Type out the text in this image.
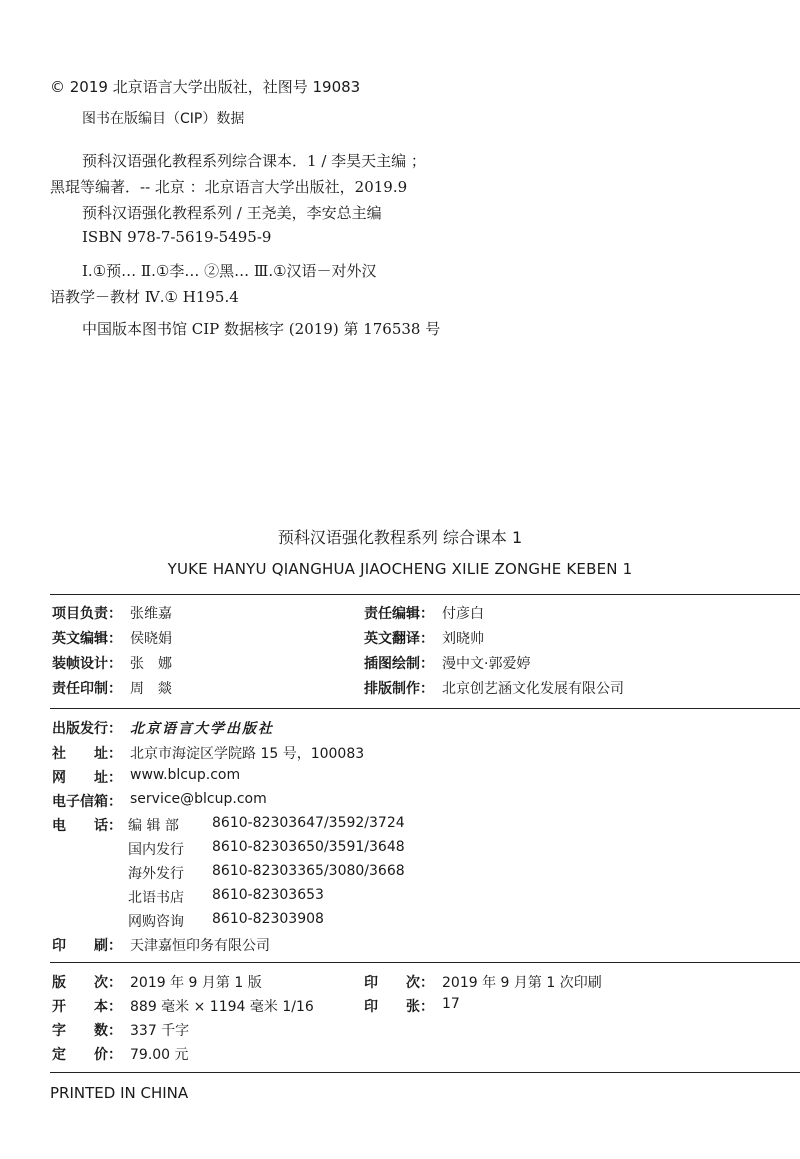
© 2019 北京语言大学出版社，社图号 19083
图书在版编目（CIP）数据
预科汉语强化教程系列综合课本．1 / 李昊天主编 ；
黑琨等编著．-- 北京 ：北京语言大学出版社，2019.9
预科汉语强化教程系列 / 王尧美，李安总主编
ISBN 978-7-5619-5495-9
Ⅰ.①预… Ⅱ.①李… ②黑… Ⅲ.①汉语－对外汉
语教学－教材 Ⅳ.① H195.4
中国版本图书馆 CIP 数据核字 (2019) 第 176538 号
预科汉语强化教程系列 综合课本 1
YUKE HANYU QIANGHUA JIAOCHENG XILIE ZONGHE KEBEN 1
项目负责： 张维嘉	责任编辑： 付彦白
英文编辑： 侯晓娟	英文翻译： 刘晓帅
装帧设计： 张　娜	插图绘制： 漫中文·郭爱婷
责任印制： 周　燚	排版制作： 北京创艺涵文化发展有限公司
出版发行： 北京语言大学出版社
社　　址： 北京市海淀区学院路 15 号，100083
网　　址： www.blcup.com
电子信箱： service@blcup.com
电　　话： 编 辑 部 8610-82303647/3592/3724
国内发行 8610-82303650/3591/3648
海外发行 8610-82303365/3080/3668
北语书店 8610-82303653
网购咨询 8610-82303908
印　　刷： 天津嘉恒印务有限公司
版　　次： 2019 年 9 月第 1 版	印　　次： 2019 年 9 月第 1 次印刷
开　　本： 889 毫米 × 1194 毫米 1/16	印　　张： 17
字　　数： 337 千字
定　　价： 79.00 元
PRINTED IN CHINA
